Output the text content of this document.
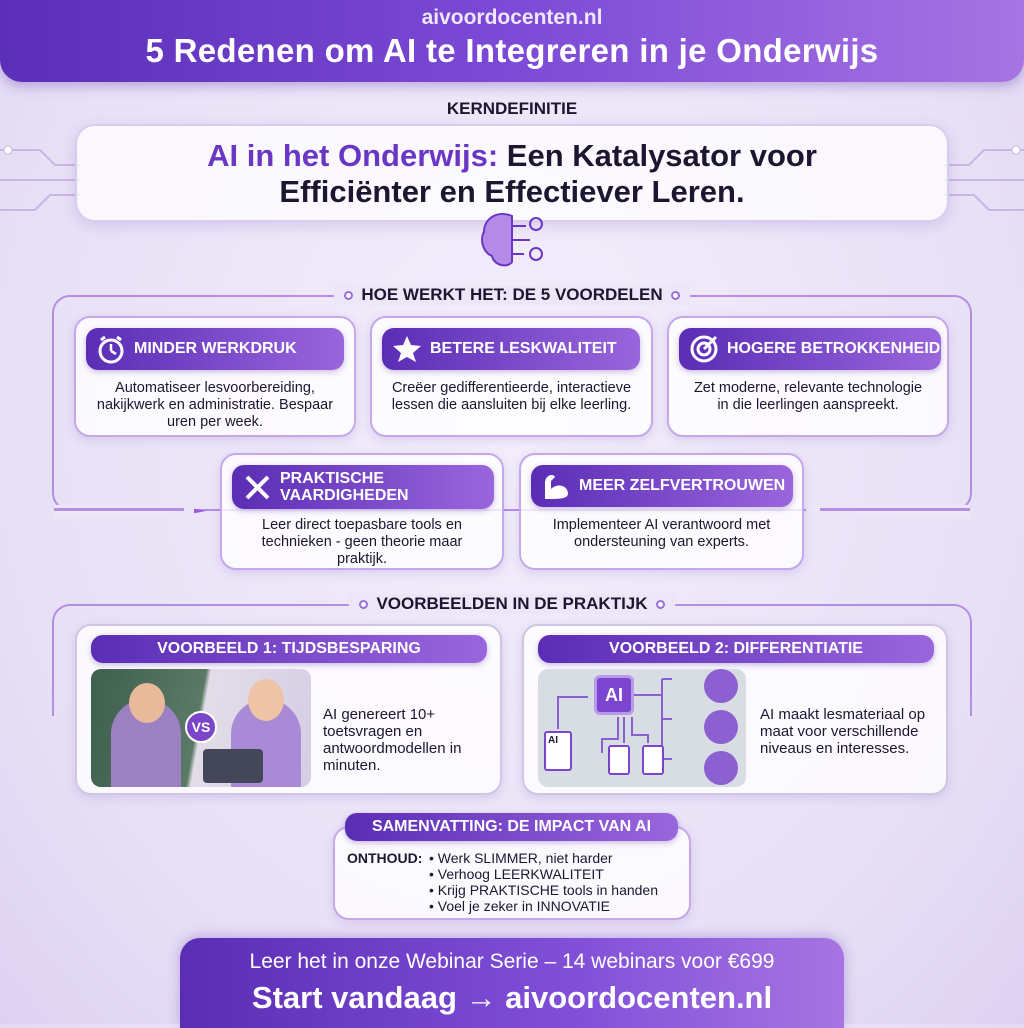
aivoordocenten.nl
5 Redenen om AI te Integreren in je Onderwijs
AI in het Onderwijs: Een Katalysator voor
Efficiënter en Effectiever Leren.
KERNDEFINITIE
HOE WERKT HET: DE 5 VOORDELEN
MINDER WERKDRUK
Automatiseer lesvoorbereiding, nakijkwerk en administratie. Bespaar uren per week.
BETERE LESKWALITEIT
Creëer gedifferentieerde, interactieve lessen die aansluiten bij elke leerling.
HOGERE BETROKKENHEID
Zet moderne, relevante technologie in die leerlingen aanspreekt.
PRAKTISCHE VAARDIGHEDEN
Leer direct toepasbare tools en technieken - geen theorie maar praktijk.
MEER ZELFVERTROUWEN
Implementeer AI verantwoord met ondersteuning van experts.
VOORBEELDEN IN DE PRAKTIJK
VOORBEELD 1: TIJDSBESPARING
VS
AI genereert 10+ toetsvragen en antwoordmodellen in minuten.
VOORBEELD 2: DIFFERENTIATIE
AI
AI
AI maakt lesmateriaal op maat voor verschillende niveaus en interesses.
ONTHOUD: • Werk SLIMMER, niet harder
• Verhoog LEERKWALITEIT
• Krijg PRAKTISCHE tools in handen
• Voel je zeker in INNOVATIE
SAMENVATTING: DE IMPACT VAN AI
Leer het in onze Webinar Serie – 14 webinars voor €699
Start vandaag → aivoordocenten.nl
